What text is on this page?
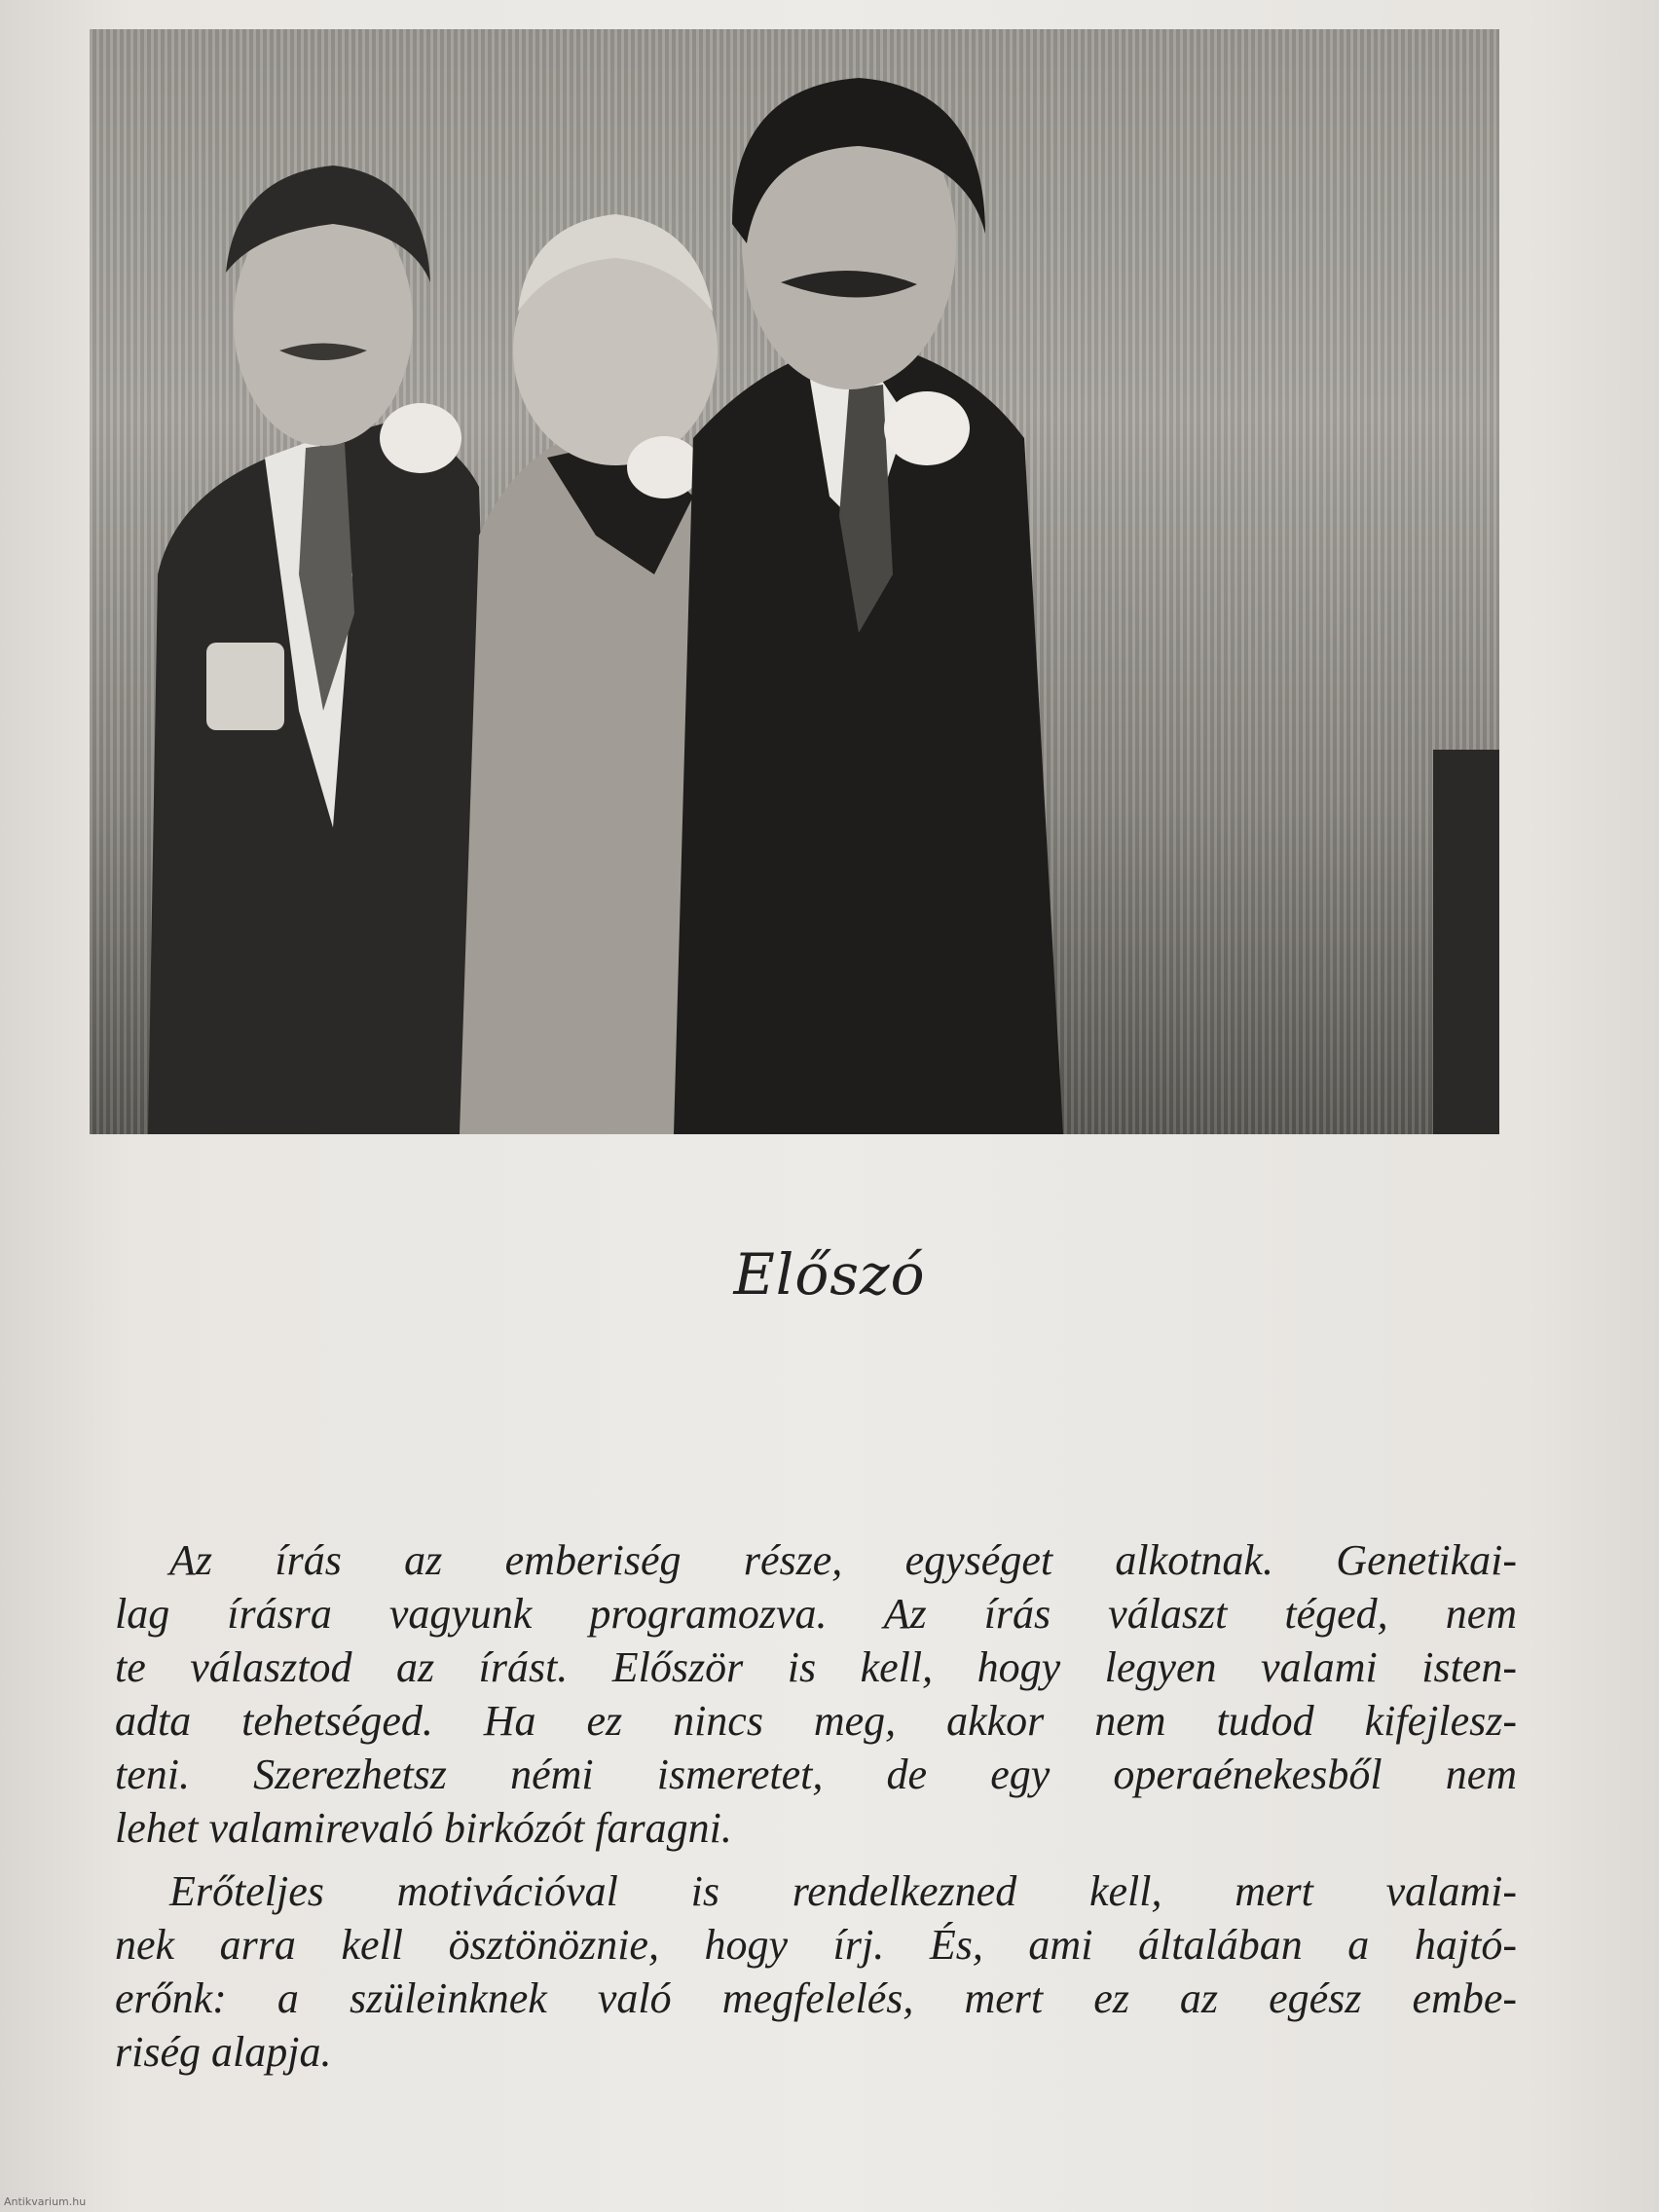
Előszó
Az írás az emberiség része, egységet alkotnak. Genetikai-
lag írásra vagyunk programozva. Az írás választ téged, nem
te választod az írást. Először is kell, hogy legyen valami isten-
adta tehetséged. Ha ez nincs meg, akkor nem tudod kifejlesz-
teni. Szerezhetsz némi ismeretet, de egy operaénekesből nem
lehet valamirevaló birkózót faragni.
Erőteljes motivációval is rendelkezned kell, mert valami-
nek arra kell ösztönöznie, hogy írj. És, ami általában a hajtó-
erőnk: a szüleinknek való megfelelés, mert ez az egész embe-
riség alapja.
Antikvarium.hu
